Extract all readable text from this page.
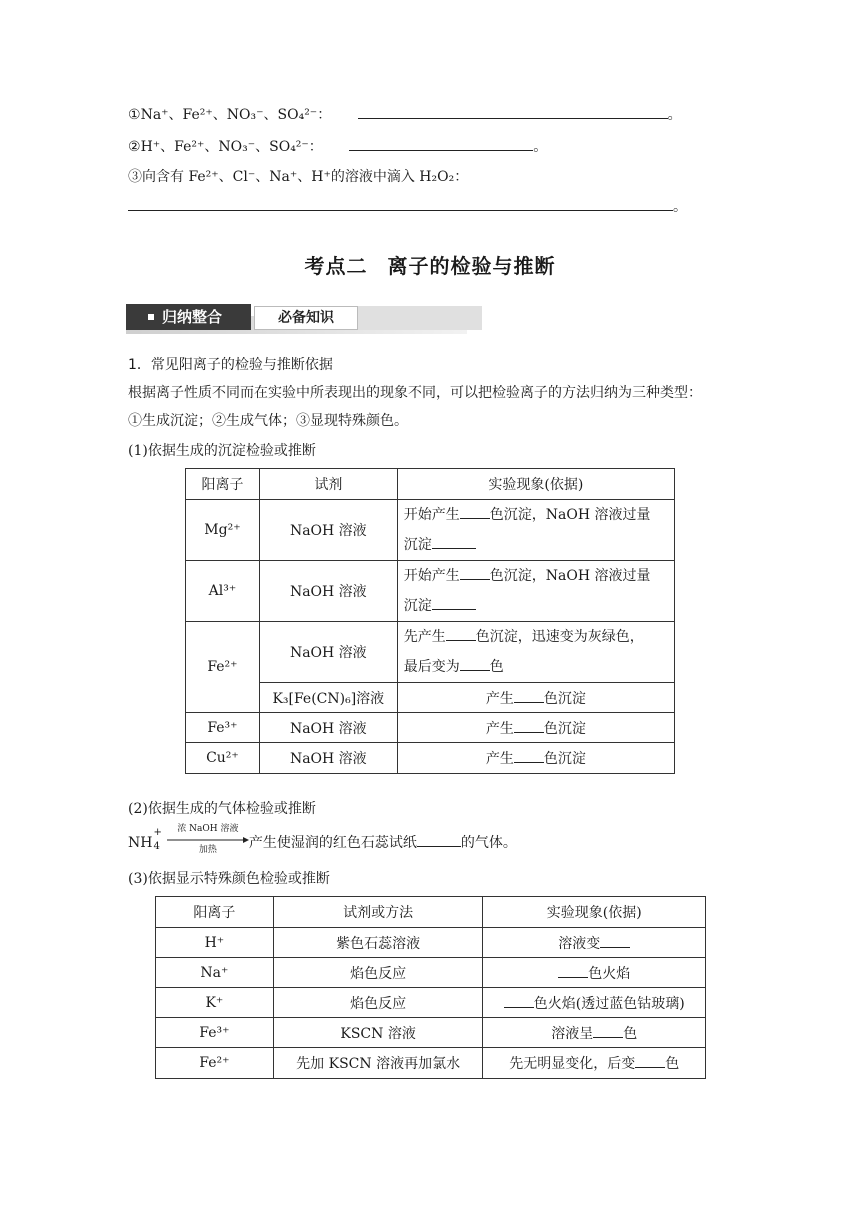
①Na⁺、Fe²⁺、NO₃⁻、SO₄²⁻：	。
②H⁺、Fe²⁺、NO₃⁻、SO₄²⁻：	。
③向含有 Fe²⁺、Cl⁻、Na⁺、H⁺的溶液中滴入 H₂O₂：
。
考点二 离子的检验与推断
归纳整合	必备知识
1．常见阳离子的检验与推断依据
根据离子性质不同而在实验中所表现出的现象不同，可以把检验离子的方法归纳为三种类型：
①生成沉淀；②生成气体；③显现特殊颜色。
(1)依据生成的沉淀检验或推断
阳离子	试剂	实验现象(依据)
Mg²⁺	NaOH 溶液	开始产生 色沉淀，NaOH 溶液过量
沉淀
Al³⁺	NaOH 溶液	开始产生 色沉淀，NaOH 溶液过量
沉淀
Fe²⁺	NaOH 溶液	先产生 色沉淀，迅速变为灰绿色，
最后变为 色
	K₃[Fe(CN)₆]溶液	产生 色沉淀
Fe³⁺	NaOH 溶液	产生 色沉淀
Cu²⁺	NaOH 溶液	产生 色沉淀
(2)依据生成的气体检验或推断
NH
+
4

浓 NaOH 溶液
加热	产生使湿润的红色石蕊试纸	的气体。
(3)依据显示特殊颜色检验或推断
阳离子	试剂或方法	实验现象(依据)
H⁺	紫色石蕊溶液	溶液变
Na⁺	焰色反应	色火焰
K⁺	焰色反应	色火焰(透过蓝色钴玻璃)
Fe³⁺	KSCN 溶液	溶液呈 色
Fe²⁺	先加 KSCN 溶液再加氯水	先无明显变化，后变 色
